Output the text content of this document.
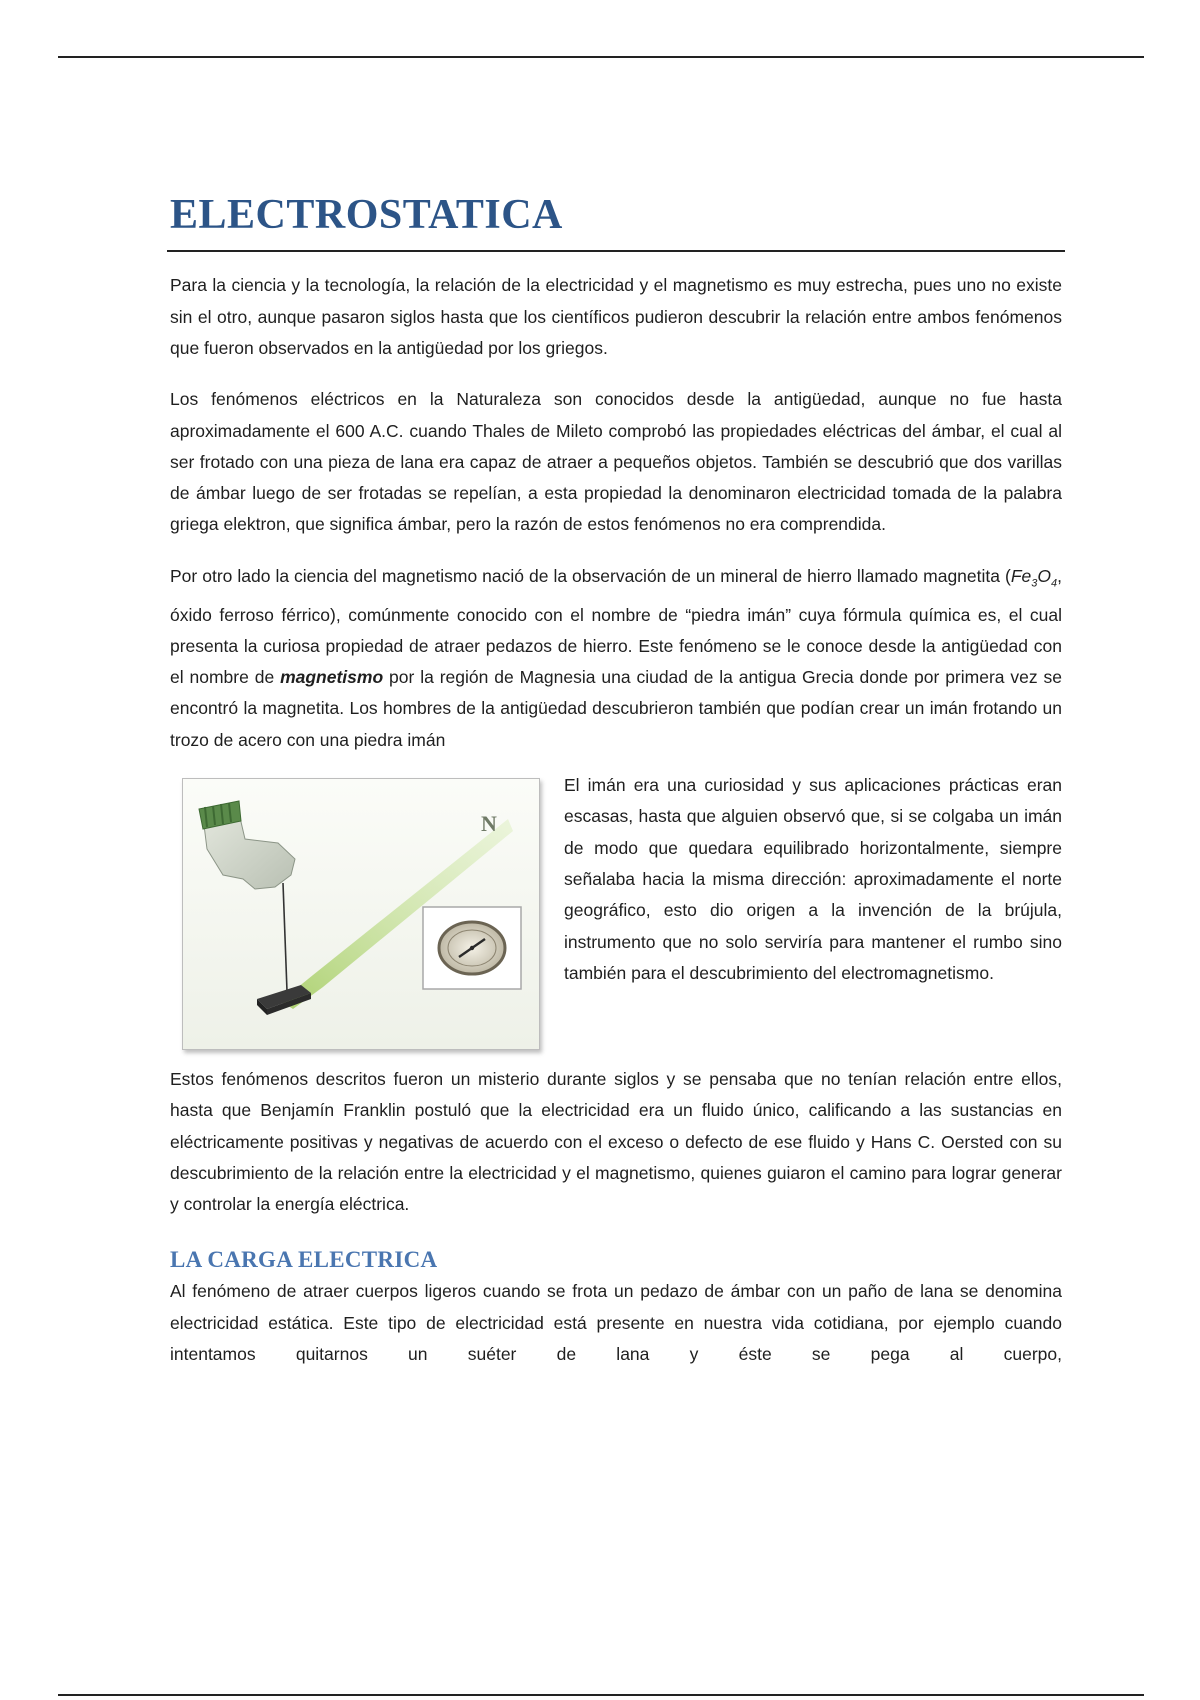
ELECTROSTATICA

Para la ciencia y la tecnología, la relación de la electricidad y el magnetismo es muy estrecha, pues uno no existe sin el otro, aunque pasaron siglos hasta que los científicos pudieron descubrir la relación entre ambos fenómenos que fueron observados en la antigüedad por los griegos.

Los fenómenos eléctricos en la Naturaleza son conocidos desde la antigüedad, aunque no fue hasta aproximadamente el 600 A.C. cuando Thales de Mileto comprobó las propiedades eléctricas del ámbar, el cual al ser frotado con una pieza de lana era capaz de atraer a pequeños objetos. También se descubrió que dos varillas de ámbar luego de ser frotadas se repelían, a esta propiedad la denominaron electricidad tomada de la palabra griega elektron, que significa ámbar, pero la razón de estos fenómenos no era comprendida.

Por otro lado la ciencia del magnetismo nació de la observación de un mineral de hierro llamado magnetita ($Fe_3O_4$, óxido ferroso férrico), comúnmente conocido con el nombre de “piedra imán” cuya fórmula química es, el cual presenta la curiosa propiedad de atraer pedazos de hierro. Este fenómeno se le conoce desde la antigüedad con el nombre de magnetismo por la región de Magnesia una ciudad de la antigua Grecia donde por primera vez se encontró la magnetita. Los hombres de la antigüedad descubrieron también que podían crear un imán frotando un trozo de acero con una piedra imán

N

El imán era una curiosidad y sus aplicaciones prácticas eran escasas, hasta que alguien observó que, si se colgaba un imán de modo que quedara equilibrado horizontalmente, siempre señalaba hacia la misma dirección: aproximadamente el norte geográfico, esto dio origen a la invención de la brújula, instrumento que no solo serviría para mantener el rumbo sino también para el descubrimiento del electromagnetismo.

Estos fenómenos descritos fueron un misterio durante siglos y se pensaba que no tenían relación entre ellos, hasta que Benjamín Franklin postuló que la electricidad era un fluido único, calificando a las sustancias en eléctricamente positivas y negativas de acuerdo con el exceso o defecto de ese fluido y Hans C. Oersted con su descubrimiento de la relación entre la electricidad y el magnetismo, quienes guiaron el camino para lograr generar y controlar la energía eléctrica.

LA CARGA ELECTRICA

Al fenómeno de atraer cuerpos ligeros cuando se frota un pedazo de ámbar con un paño de lana se denomina electricidad estática. Este tipo de electricidad está presente en nuestra vida cotidiana, por ejemplo cuando intentamos quitarnos un suéter de lana y éste se pega al cuerpo,
